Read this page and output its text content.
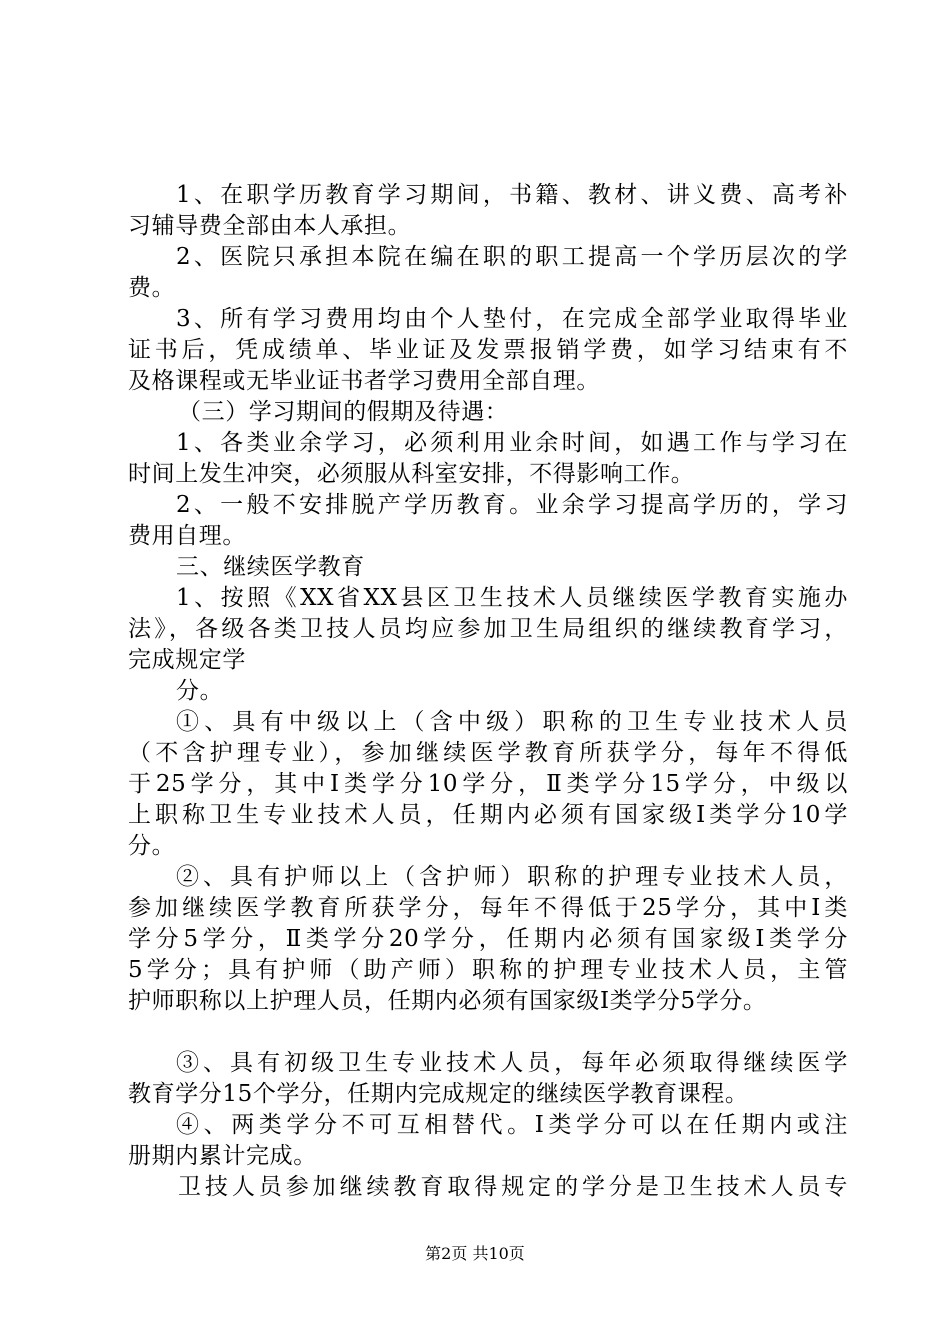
1、在职学历教育学习期间，书籍、教材、讲义费、高考补
习辅导费全部由本人承担。
2、医院只承担本院在编在职的职工提高一个学历层次的学
费。
3、所有学习费用均由个人垫付，在完成全部学业取得毕业
证书后，凭成绩单、毕业证及发票报销学费，如学习结束有不
及格课程或无毕业证书者学习费用全部自理。
（三）学习期间的假期及待遇：
1、各类业余学习，必须利用业余时间，如遇工作与学习在
时间上发生冲突，必须服从科室安排，不得影响工作。
2、一般不安排脱产学历教育。业余学习提高学历的，学习
费用自理。
三、继续医学教育
1、按照《XX省XX县区卫生技术人员继续医学教育实施办
法》，各级各类卫技人员均应参加卫生局组织的继续教育学习，
完成规定学
分。
①、具有中级以上（含中级）职称的卫生专业技术人员
（不含护理专业），参加继续医学教育所获学分，每年不得低
于25学分，其中Ⅰ类学分10学分，Ⅱ类学分15学分，中级以
上职称卫生专业技术人员，任期内必须有国家级Ⅰ类学分10学
分。
②、具有护师以上（含护师）职称的护理专业技术人员，
参加继续医学教育所获学分，每年不得低于25学分，其中Ⅰ类
学分5学分，Ⅱ类学分20学分，任期内必须有国家级Ⅰ类学分
5学分；具有护师（助产师）职称的护理专业技术人员，主管
护师职称以上护理人员，任期内必须有国家级Ⅰ类学分5学分。
③、具有初级卫生专业技术人员，每年必须取得继续医学
教育学分15个学分，任期内完成规定的继续医学教育课程。
④、两类学分不可互相替代。Ⅰ类学分可以在任期内或注
册期内累计完成。
卫技人员参加继续教育取得规定的学分是卫生技术人员专
第2页 共10页
